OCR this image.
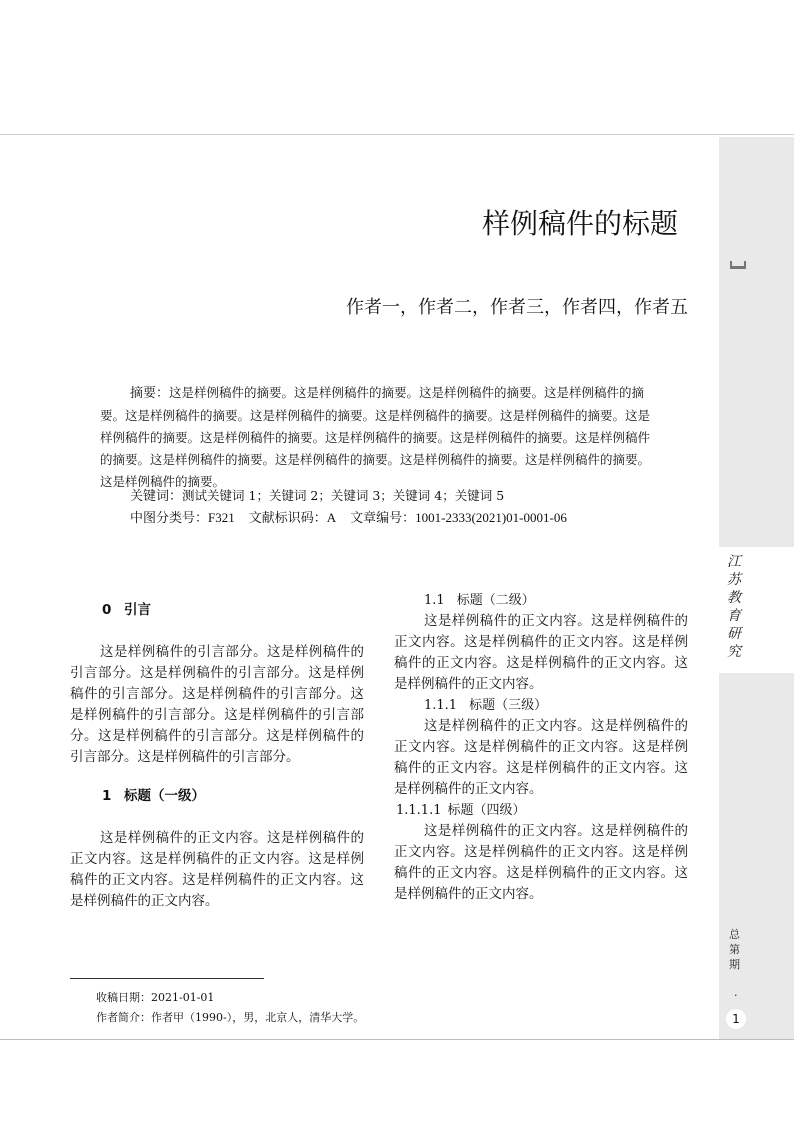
江苏教育研究
总第期
·
1
样例稿件的标题
作者一，作者二，作者三，作者四，作者五
摘要：这是样例稿件的摘要。这是样例稿件的摘要。这是样例稿件的摘要。这是样例稿件的摘要。这是样例稿件的摘要。这是样例稿件的摘要。这是样例稿件的摘要。这是样例稿件的摘要。这是样例稿件的摘要。这是样例稿件的摘要。这是样例稿件的摘要。这是样例稿件的摘要。这是样例稿件的摘要。这是样例稿件的摘要。这是样例稿件的摘要。这是样例稿件的摘要。这是样例稿件的摘要。这是样例稿件的摘要。
关键词：测试关键词 1；关键词 2；关键词 3；关键词 4；关键词 5
中图分类号：F321 文献标识码：A 文章编号：1001-2333(2021)01-0001-06

0 引言

这是样例稿件的引言部分。这是样例稿件的引言部分。这是样例稿件的引言部分。这是样例稿件的引言部分。这是样例稿件的引言部分。这是样例稿件的引言部分。这是样例稿件的引言部分。这是样例稿件的引言部分。这是样例稿件的引言部分。这是样例稿件的引言部分。

1 标题（一级）

这是样例稿件的正文内容。这是样例稿件的正文内容。这是样例稿件的正文内容。这是样例稿件的正文内容。这是样例稿件的正文内容。这是样例稿件的正文内容。

1.1 标题（二级）

这是样例稿件的正文内容。这是样例稿件的正文内容。这是样例稿件的正文内容。这是样例稿件的正文内容。这是样例稿件的正文内容。这是样例稿件的正文内容。

1.1.1 标题（三级）

这是样例稿件的正文内容。这是样例稿件的正文内容。这是样例稿件的正文内容。这是样例稿件的正文内容。这是样例稿件的正文内容。这是样例稿件的正文内容。

1.1.1.1 标题（四级）

这是样例稿件的正文内容。这是样例稿件的正文内容。这是样例稿件的正文内容。这是样例稿件的正文内容。这是样例稿件的正文内容。这是样例稿件的正文内容。

收稿日期：2021-01-01
作者简介：作者甲（1990-），男，北京人，清华大学。
